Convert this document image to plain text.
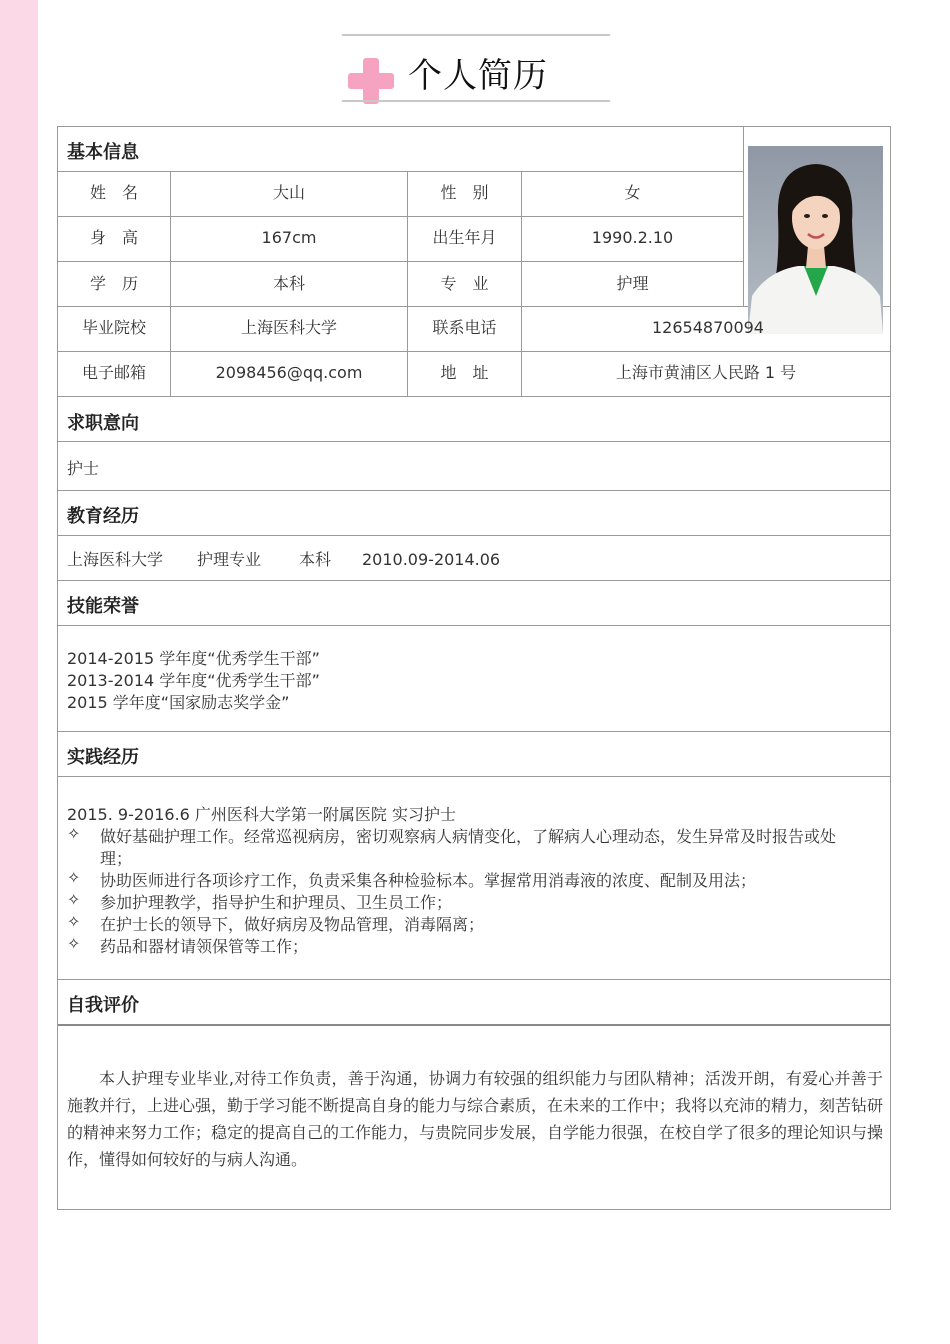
个人简历
基本信息
姓　名	大山	性　别	女
身　高	167cm	出生年月	1990.2.10
学　历	本科	专　业	护理
毕业院校	上海医科大学	联系电话	12654870094
电子邮箱	2098456@qq.com	地　址	上海市黄浦区人民路 1 号
求职意向
护士
教育经历
上海医科大学 护理专业 本科 2010.09-2014.06
技能荣誉
2014-2015 学年度“优秀学生干部”
2013-2014 学年度“优秀学生干部”
2015 学年度“国家励志奖学金”
实践经历
2015. 9-2016.6 广州医科大学第一附属医院 实习护士
✧	做好基础护理工作。经常巡视病房，密切观察病人病情变化，了解病人心理动态，发生异常及时报告或处
理；
✧	协助医师进行各项诊疗工作，负责采集各种检验标本。掌握常用消毒液的浓度、配制及用法；
✧	参加护理教学，指导护生和护理员、卫生员工作；
✧	在护士长的领导下，做好病房及物品管理，消毒隔离；
✧	药品和器材请领保管等工作；
自我评价
本人护理专业毕业,对待工作负责，善于沟通，协调力有较强的组织能力与团队精神；活泼开朗，有爱心并善于施教并行，上进心强，勤于学习能不断提高自身的能力与综合素质，在未来的工作中；我将以充沛的精力，刻苦钻研的精神来努力工作；稳定的提高自己的工作能力，与贵院同步发展，自学能力很强，在校自学了很多的理论知识与操作，懂得如何较好的与病人沟通。
